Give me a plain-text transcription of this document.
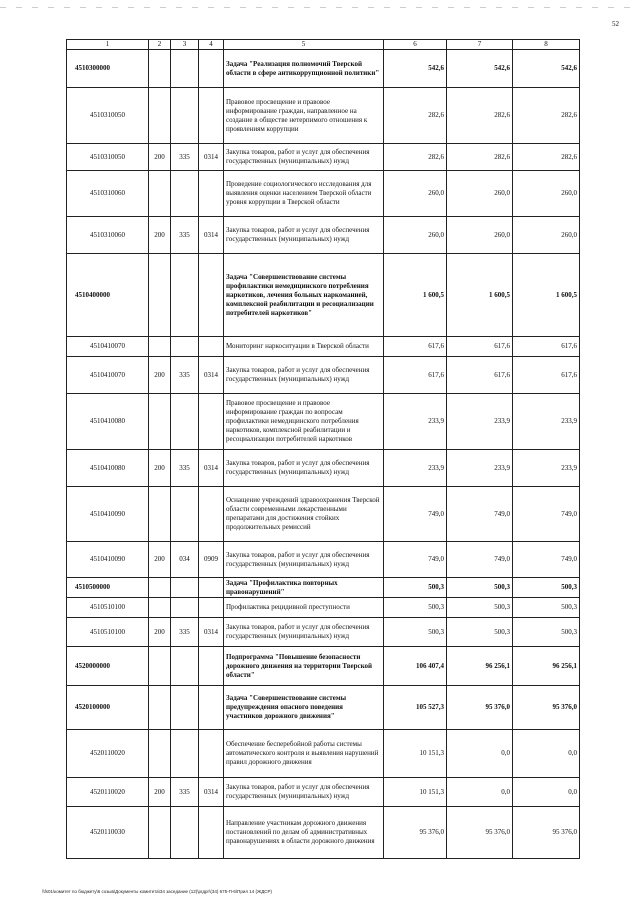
52
1	2	3	4	5	6	7	8
4510300000				Задача "Реализация полномочий Тверской области в сфере антикоррупционной политики"	542,6	542,6	542,6
4510310050				Правовое просвещение и правовое информирование граждан, направленное на создание в обществе нетерпимого отношения к проявлениям коррупции	282,6	282,6	282,6
4510310050	200	335	0314	Закупка товаров, работ и услуг для обеспечения государственных (муниципальных) нужд	282,6	282,6	282,6
4510310060				Проведение социологического исследования для выявления оценки населением Тверской области уровня коррупции в Тверской области	260,0	260,0	260,0
4510310060	200	335	0314	Закупка товаров, работ и услуг для обеспечения государственных (муниципальных) нужд	260,0	260,0	260,0
4510400000				Задача "Совершенствование системы профилактики немедицинского потребления наркотиков, лечения больных наркоманией, комплексной реабилитации и ресоциализации потребителей наркотиков"	1 600,5	1 600,5	1 600,5
4510410070				Мониторинг наркоситуации в Тверской области	617,6	617,6	617,6
4510410070	200	335	0314	Закупка товаров, работ и услуг для обеспечения государственных (муниципальных) нужд	617,6	617,6	617,6
4510410080				Правовое просвещение и правовое информирование граждан по вопросам профилактики немедицинского потребления наркотиков, комплексной реабилитации и ресоциализации потребителей наркотиков	233,9	233,9	233,9
4510410080	200	335	0314	Закупка товаров, работ и услуг для обеспечения государственных (муниципальных) нужд	233,9	233,9	233,9
4510410090				Оснащение учреждений здравоохранения Тверской области современными лекарственными препаратами для достижения стойких продолжительных ремиссий	749,0	749,0	749,0
4510410090	200	034	0909	Закупка товаров, работ и услуг для обеспечения государственных (муниципальных) нужд	749,0	749,0	749,0
4510500000				Задача "Профилактика повторных правонарушений"	500,3	500,3	500,3
4510510100				Профилактика рецидивной преступности	500,3	500,3	500,3
4510510100	200	335	0314	Закупка товаров, работ и услуг для обеспечения государственных (муниципальных) нужд	500,3	500,3	500,3
4520000000				Подпрограмма "Повышение безопасности дорожного движения на территории Тверской области"	106 407,4	96 256,1	96 256,1
4520100000				Задача "Совершенствование системы предупреждения опасного поведения участников дорожного движения"	105 527,3	95 376,0	95 376,0
4520110020				Обеспечение бесперебойной работы системы автоматического контроля и выявления нарушений правил дорожного движения	10 151,3	0,0	0,0
4520110020	200	335	0314	Закупка товаров, работ и услуг для обеспечения государственных (муниципальных) нужд	10 151,3	0,0	0,0
4520110030				Направление участникам дорожного движения постановлений по делам об административных правонарушениях в области дорожного движения	95 376,0	95 376,0	95 376,0
\\fs01\комитет по бюджету\6 созыв\Документы комитета\34 заседание (12)\ргдрг\(34) 675-П-6\Прил 14 (ЖДСР)
